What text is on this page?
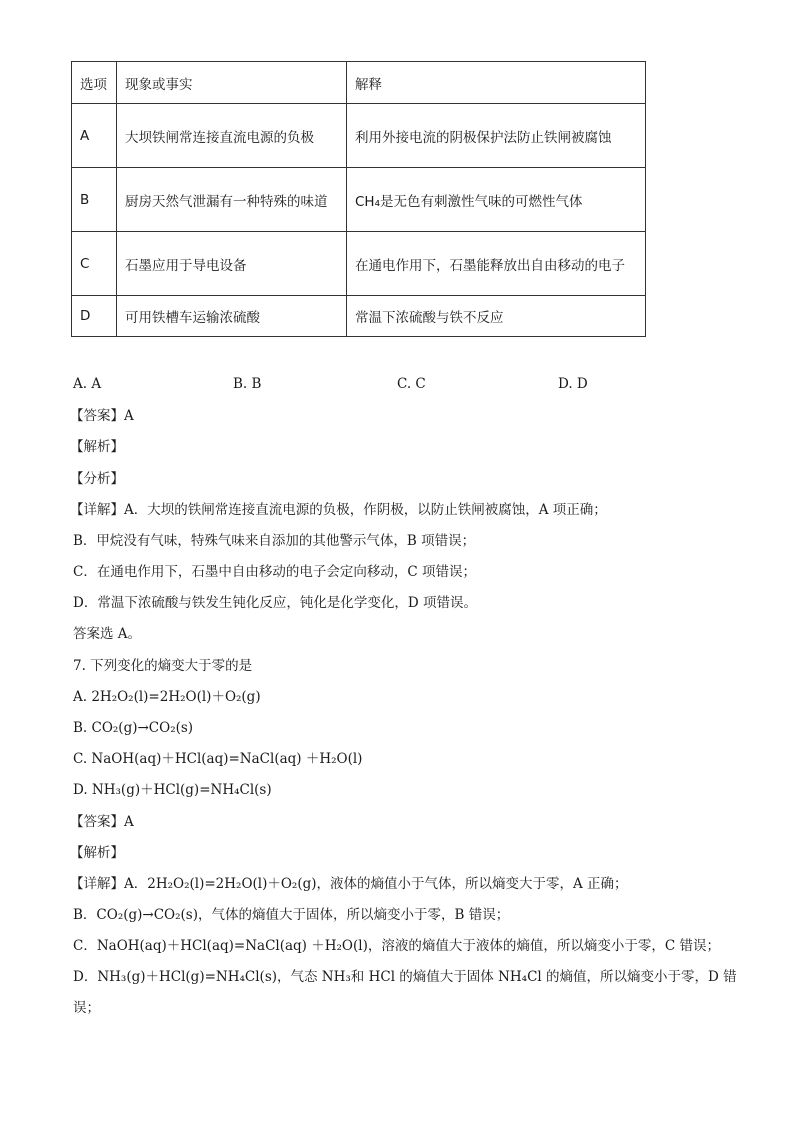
选项	现象或事实	解释
A	大坝铁闸常连接直流电源的负极	利用外接电流的阴极保护法防止铁闸被腐蚀
B	厨房天然气泄漏有一种特殊的味道	CH₄是无色有刺激性气味的可燃性气体
C	石墨应用于导电设备	在通电作用下，石墨能释放出自由移动的电子
D	可用铁槽车运输浓硫酸	常温下浓硫酸与铁不反应
A. A	B. B	C. C	D. D
【答案】A
【解析】
【分析】
【详解】A．大坝的铁闸常连接直流电源的负极，作阴极，以防止铁闸被腐蚀，A 项正确；
B．甲烷没有气味，特殊气味来自添加的其他警示气体，B 项错误；
C．在通电作用下，石墨中自由移动的电子会定向移动，C 项错误；
D．常温下浓硫酸与铁发生钝化反应，钝化是化学变化，D 项错误。
答案选 A。
7. 下列变化的熵变大于零的是
A. 2H₂O₂(l)=2H₂O(l)＋O₂(g)
B. CO₂(g)→CO₂(s)
C. NaOH(aq)＋HCl(aq)=NaCl(aq) ＋H₂O(l)
D. NH₃(g)＋HCl(g)=NH₄Cl(s)
【答案】A
【解析】
【详解】A．2H₂O₂(l)=2H₂O(l)＋O₂(g)，液体的熵值小于气体，所以熵变大于零，A 正确；
B．CO₂(g)→CO₂(s)，气体的熵值大于固体，所以熵变小于零，B 错误；
C．NaOH(aq)＋HCl(aq)=NaCl(aq) ＋H₂O(l)，溶液的熵值大于液体的熵值，所以熵变小于零，C 错误；
D．NH₃(g)＋HCl(g)=NH₄Cl(s)，气态 NH₃和 HCl 的熵值大于固体 NH₄Cl 的熵值，所以熵变小于零，D 错
误；
